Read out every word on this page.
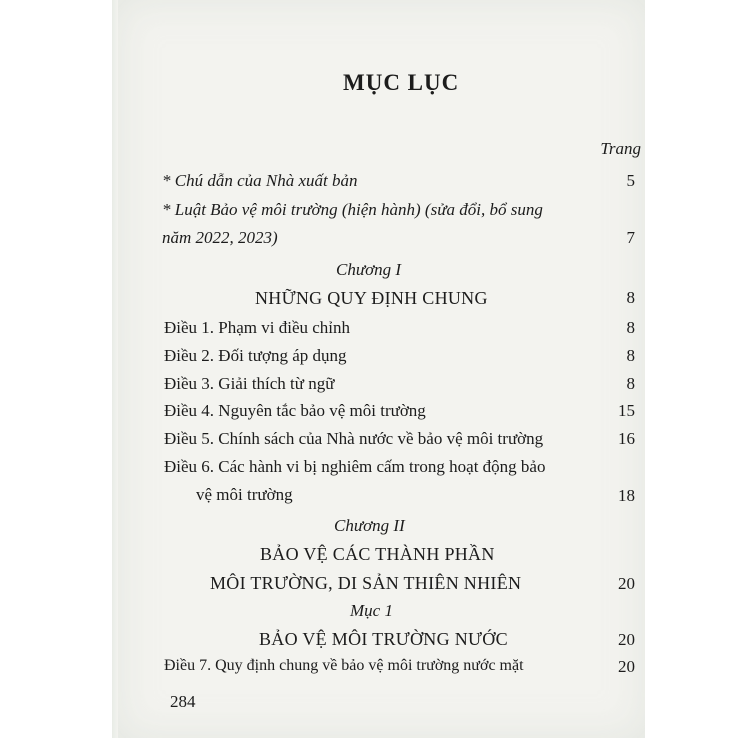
MỤC LỤC
Trang
* Chú dẫn của Nhà xuất bản	5
* Luật Bảo vệ môi trường (hiện hành) (sửa đổi, bổ sung
năm 2022, 2023)	7
Chương I
NHỮNG QUY ĐỊNH CHUNG	8
Điều 1. Phạm vi điều chỉnh	8
Điều 2. Đối tượng áp dụng	8
Điều 3. Giải thích từ ngữ	8
Điều 4. Nguyên tắc bảo vệ môi trường	15
Điều 5. Chính sách của Nhà nước về bảo vệ môi trường	16
Điều 6. Các hành vi bị nghiêm cấm trong hoạt động bảo
vệ môi trường	18
Chương II
BẢO VỆ CÁC THÀNH PHẦN
MÔI TRƯỜNG, DI SẢN THIÊN NHIÊN	20
Mục 1
BẢO VỆ MÔI TRƯỜNG NƯỚC	20
Điều 7. Quy định chung về bảo vệ môi trường nước mặt	20
284
